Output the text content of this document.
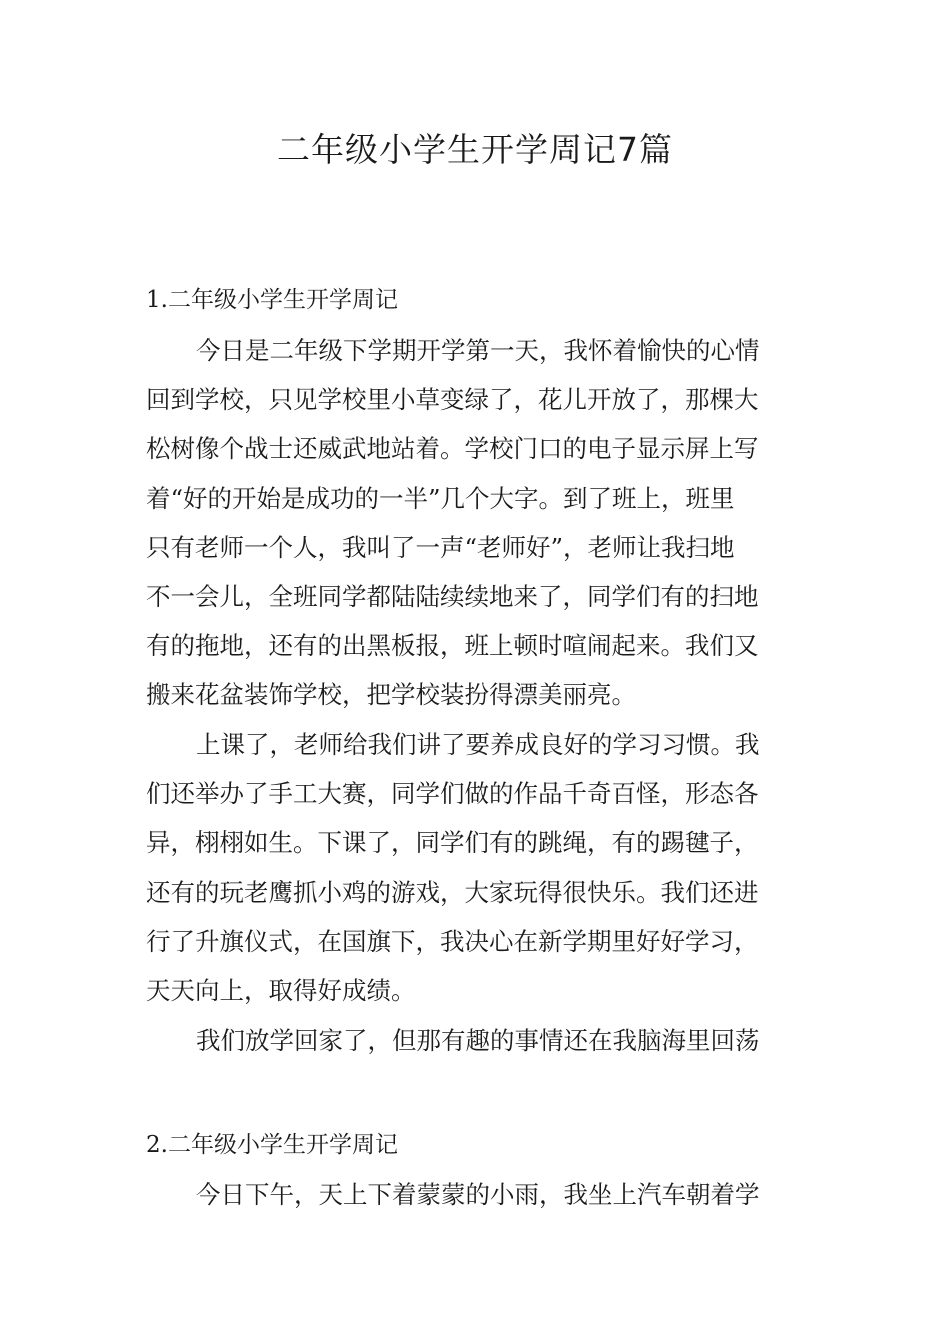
二年级小学生开学周记7篇
1.二年级小学生开学周记

今日是二年级下学期开学第一天，我怀着愉快的心情
回到学校，只见学校里小草变绿了，花儿开放了，那棵大
松树像个战士还威武地站着。学校门口的电子显示屏上写
着“好的开始是成功的一半”几个大字。到了班上，班里
只有老师一个人，我叫了一声“老师好”，老师让我扫地
不一会儿，全班同学都陆陆续续地来了，同学们有的扫地
有的拖地，还有的出黑板报，班上顿时喧闹起来。我们又
搬来花盆装饰学校，把学校装扮得漂美丽亮。

上课了，老师给我们讲了要养成良好的学习习惯。我
们还举办了手工大赛，同学们做的作品千奇百怪，形态各
异，栩栩如生。下课了，同学们有的跳绳，有的踢毽子，
还有的玩老鹰抓小鸡的游戏，大家玩得很快乐。我们还进
行了升旗仪式，在国旗下，我决心在新学期里好好学习，
天天向上，取得好成绩。

我们放学回家了，但那有趣的事情还在我脑海里回荡

2.二年级小学生开学周记

今日下午，天上下着蒙蒙的小雨，我坐上汽车朝着学
